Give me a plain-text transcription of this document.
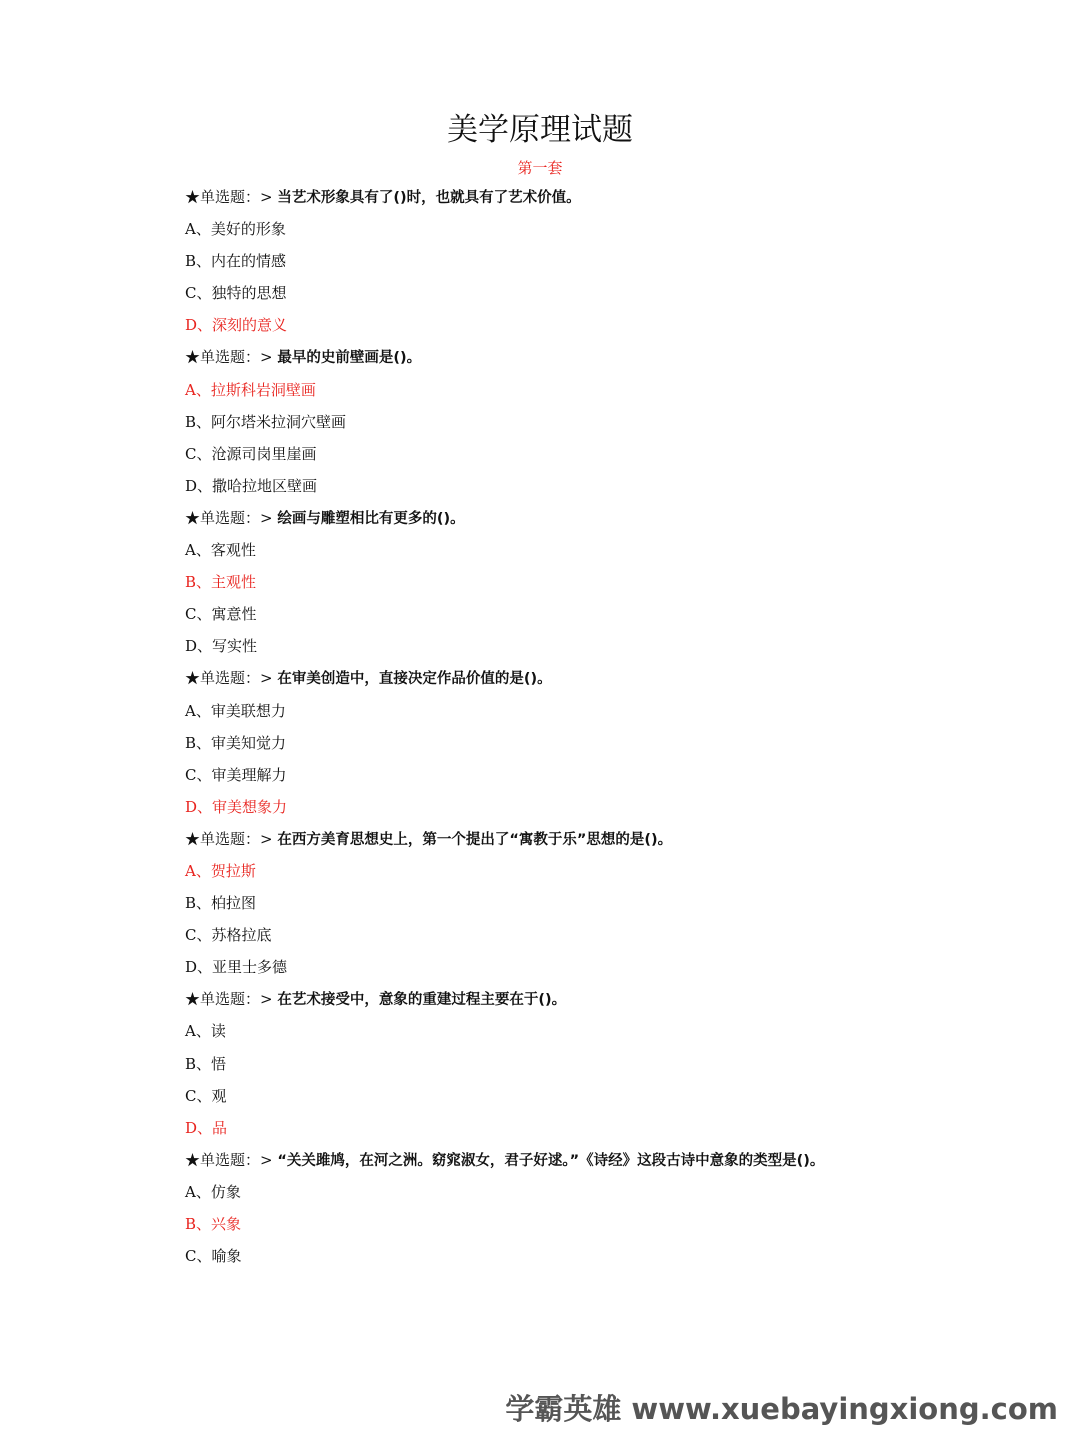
美学原理试题
第一套
★单选题：> 当艺术形象具有了()时，也就具有了艺术价值。
A、美好的形象
B、内在的情感
C、独特的思想
D、深刻的意义
★单选题：> 最早的史前壁画是()。
A、拉斯科岩洞壁画
B、阿尔塔米拉洞穴壁画
C、沧源司岗里崖画
D、撒哈拉地区壁画
★单选题：> 绘画与雕塑相比有更多的()。
A、客观性
B、主观性
C、寓意性
D、写实性
★单选题：> 在审美创造中，直接决定作品价值的是()。
A、审美联想力
B、审美知觉力
C、审美理解力
D、审美想象力
★单选题：> 在西方美育思想史上，第一个提出了“寓教于乐”思想的是()。
A、贺拉斯
B、柏拉图
C、苏格拉底
D、亚里士多德
★单选题：> 在艺术接受中，意象的重建过程主要在于()。
A、读
B、悟
C、观
D、品
★单选题：> “关关雎鸠，在河之洲。窈窕淑女，君子好逑。”《诗经》这段古诗中意象的类型是()。
A、仿象
B、兴象
C、喻象
学霸英雄 www.xuebayingxiong.com
